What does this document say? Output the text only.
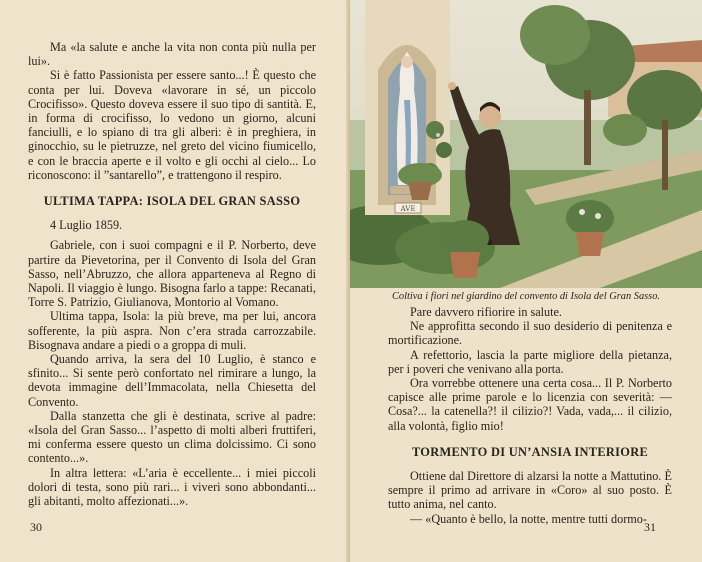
Ma «la salute e anche la vita non conta più nulla per lui».

Si è fatto Passionista per essere santo...! È questo che conta per lui. Doveva «lavorare in sé, un piccolo Crocifisso». Questo doveva essere il suo tipo di santità. E, in forma di crocifisso, lo vedono un giorno, alcuni fanciulli, e lo spiano di tra gli alberi: è in preghiera, in ginocchio, su le pietruzze, nel greto del vicino fiumicello, e con le braccia aperte e il volto e gli occhi al cielo... Lo riconoscono: il ”santarello”, e trattengono il respiro.

ULTIMA TAPPA: ISOLA DEL GRAN SASSO

4 Luglio 1859.

Gabriele, con i suoi compagni e il P. Norberto, deve partire da Pievetorina, per il Convento di Isola del Gran Sasso, nell’Abruzzo, che allora apparteneva al Regno di Napoli. Il viaggio è lungo. Bisogna farlo a tappe: Recanati, Torre S. Patrizio, Giulianova, Montorio al Vomano.

Ultima tappa, Isola: la più breve, ma per lui, ancora sofferente, la più aspra. Non c’era strada carrozzabile. Bisognava andare a piedi o a groppa di muli.

Quando arriva, la sera del 10 Luglio, è stanco e sfinito... Si sente però confortato nel rimirare a lungo, la devota immagine dell’Immacolata, nella Chiesetta del Convento.

Dalla stanzetta che gli è destinata, scrive al padre: «Isola del Gran Sasso... l’aspetto di molti alberi fruttiferi, mi conferma essere questo un clima dolcissimo. Ci sono contento...».

In altra lettera: «L’aria è eccellente... i miei piccoli dolori di testa, sono più rari... i viveri sono abbondanti... gli abitanti, molto affezionati...».

30
AVE
Coltiva i fiori nel giardino del convento di Isola del Gran Sasso.

Pare davvero rifiorire in salute.

Ne approfitta secondo il suo desiderio di penitenza e mortificazione.

A refettorio, lascia la parte migliore della pietanza, per i poveri che venivano alla porta.

Ora vorrebbe ottenere una certa cosa... Il P. Norberto capisce alle prime parole e lo licenzia con severità: — Cosa?... la catenella?! il cilizio?! Vada, vada,... il cilizio, alla volontà, figlio mio!

TORMENTO DI UN’ANSIA INTERIORE

Ottiene dal Direttore di alzarsi la notte a Mattutino. È sempre il primo ad arrivare in «Coro» al suo posto. È tutto anima, nel canto.

— «Quanto è bello, la notte, mentre tutti dormo-

31
